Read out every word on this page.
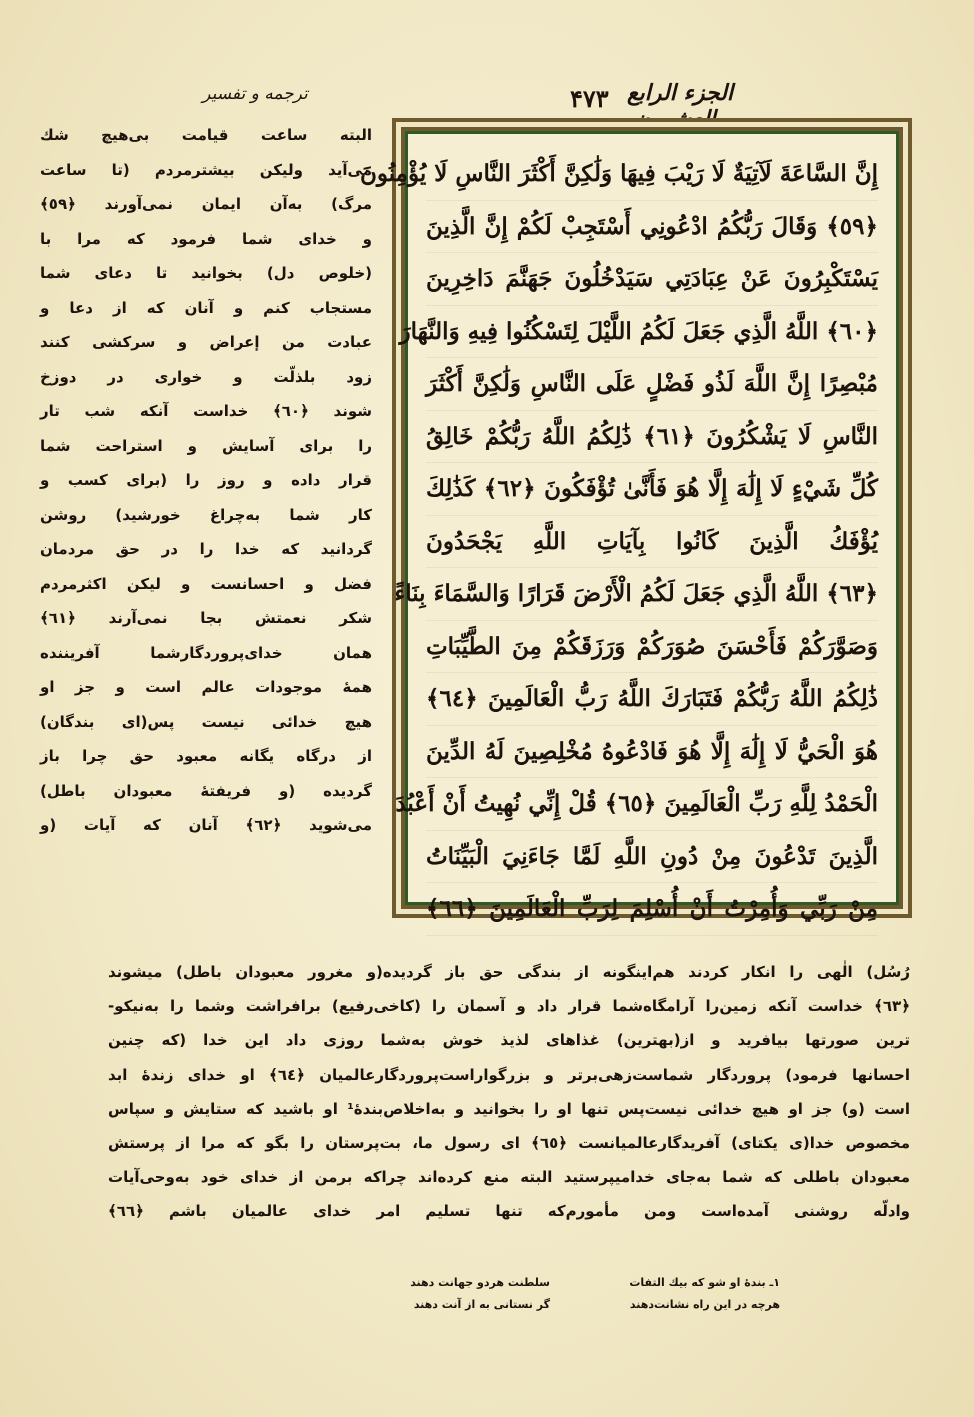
ترجمه و تفسیر	۴۷۳	الجزء الرابع
إِنَّ السَّاعَةَ لَآتِيَةٌ لَا رَيْبَ فِيهَا وَلَٰكِنَّ أَكْثَرَ النَّاسِ لَا يُؤْمِنُونَ
﴿٥٩﴾ وَقَالَ رَبُّكُمُ ادْعُونِي أَسْتَجِبْ لَكُمْ إِنَّ الَّذِينَ
يَسْتَكْبِرُونَ عَنْ عِبَادَتِي سَيَدْخُلُونَ جَهَنَّمَ دَاخِرِينَ
﴿٦٠﴾ اللَّهُ الَّذِي جَعَلَ لَكُمُ اللَّيْلَ لِتَسْكُنُوا فِيهِ وَالنَّهَارَ
مُبْصِرًا إِنَّ اللَّهَ لَذُو فَضْلٍ عَلَى النَّاسِ وَلَٰكِنَّ أَكْثَرَ
النَّاسِ لَا يَشْكُرُونَ ﴿٦١﴾ ذَٰلِكُمُ اللَّهُ رَبُّكُمْ خَالِقُ
كُلِّ شَيْءٍ لَا إِلَٰهَ إِلَّا هُوَ فَأَنَّىٰ تُؤْفَكُونَ ﴿٦٢﴾ كَذَٰلِكَ
يُؤْفَكُ الَّذِينَ كَانُوا بِآيَاتِ اللَّهِ يَجْحَدُونَ
﴿٦٣﴾ اللَّهُ الَّذِي جَعَلَ لَكُمُ الْأَرْضَ قَرَارًا وَالسَّمَاءَ بِنَاءً
وَصَوَّرَكُمْ فَأَحْسَنَ صُوَرَكُمْ وَرَزَقَكُمْ مِنَ الطَّيِّبَاتِ
ذَٰلِكُمُ اللَّهُ رَبُّكُمْ فَتَبَارَكَ اللَّهُ رَبُّ الْعَالَمِينَ ﴿٦٤﴾
هُوَ الْحَيُّ لَا إِلَٰهَ إِلَّا هُوَ فَادْعُوهُ مُخْلِصِينَ لَهُ الدِّينَ
الْحَمْدُ لِلَّهِ رَبِّ الْعَالَمِينَ ﴿٦٥﴾ قُلْ إِنِّي نُهِيتُ أَنْ أَعْبُدَ
الَّذِينَ تَدْعُونَ مِنْ دُونِ اللَّهِ لَمَّا جَاءَنِيَ الْبَيِّنَاتُ
مِنْ رَبِّي وَأُمِرْتُ أَنْ أُسْلِمَ لِرَبِّ الْعَالَمِينَ ﴿٦٦﴾
البته ساعت قیامت بی‌هیچ شك
می‌آید ولیکن بیشترمردم (تا ساعت
مرگ) به‌آن ایمان نمی‌آورند ﴿٥٩﴾
و خدای شما فرمود که مرا با
(خلوص دل) بخوانید تا دعای شما
مستجاب کنم و آنان که از دعا و
عبادت من إعراض و سرکشی کنند
زود بلذلّت و خواری در دوزخ
شوند ﴿٦٠﴾ خداست آنکه شب تار
را برای آسایش و استراحت شما
قرار داده و روز را (برای کسب و
کار شما به‌چراغ خورشید) روشن
گردانید که خدا را در حق مردمان
فضل و احسانست و لیکن اکثرمردم
شکر نعمتش بجا نمی‌آرند ﴿٦١﴾
همان خدای‌پروردگارشما آفریننده
همهٔ موجودات عالم است و جز او
هیچ خدائی نیست پس(ای بندگان)
از درگاه یگانه معبود حق چرا باز
گردیده (و فریفتهٔ معبودان باطل)
می‌شوید ﴿٦٢﴾ آنان که آیات (و
رُسُل) الٰهی را انکار کردند هم‌اینگونه از بندگی حق باز گردیده(و مغرور معبودان باطل) میشوند
﴿٦٣﴾ خداست آنکه زمین‌را آرامگاه‌شما قرار داد و آسمان را (کاخی‌رفیع) برافراشت وشما را به‌نیکو-
ترین صورتها بیافرید و از(بهترین) غذاهای لذیذ خوش به‌شما روزی داد این خدا (که چنین
احسانها فرمود) پروردگار شماست‌زهی‌برتر و بزرگواراست‌پروردگارعالمیان ﴿٦٤﴾ او خدای زندهٔ ابد
است (و) جز او هیچ خدائی نیست‌پس تنها او را بخوانید و به‌اخلاص‌بندهٔ¹ او باشید که ستایش و سپاس
مخصوص خدا(ی یکتای) آفریدگارعالمیانست ﴿٦٥﴾ ای رسول ما، بت‌پرستان را بگو که مرا از پرستش
معبودان باطلی که شما به‌جای خدامیپرستید البته منع کرده‌اند چراکه برمن از خدای خود به‌وحی‌آیات
وادلّه روشنی آمده‌است ومن مأمورم‌که تنها تسلیم امر خدای عالمیان باشم ﴿٦٦﴾
۱ـ بندهٔ او شو که بیك التفات
هرچه در این راه نشانت‌دهند
سلطنت هردو جهانت دهند
گر نستانی به از آنت دهند
